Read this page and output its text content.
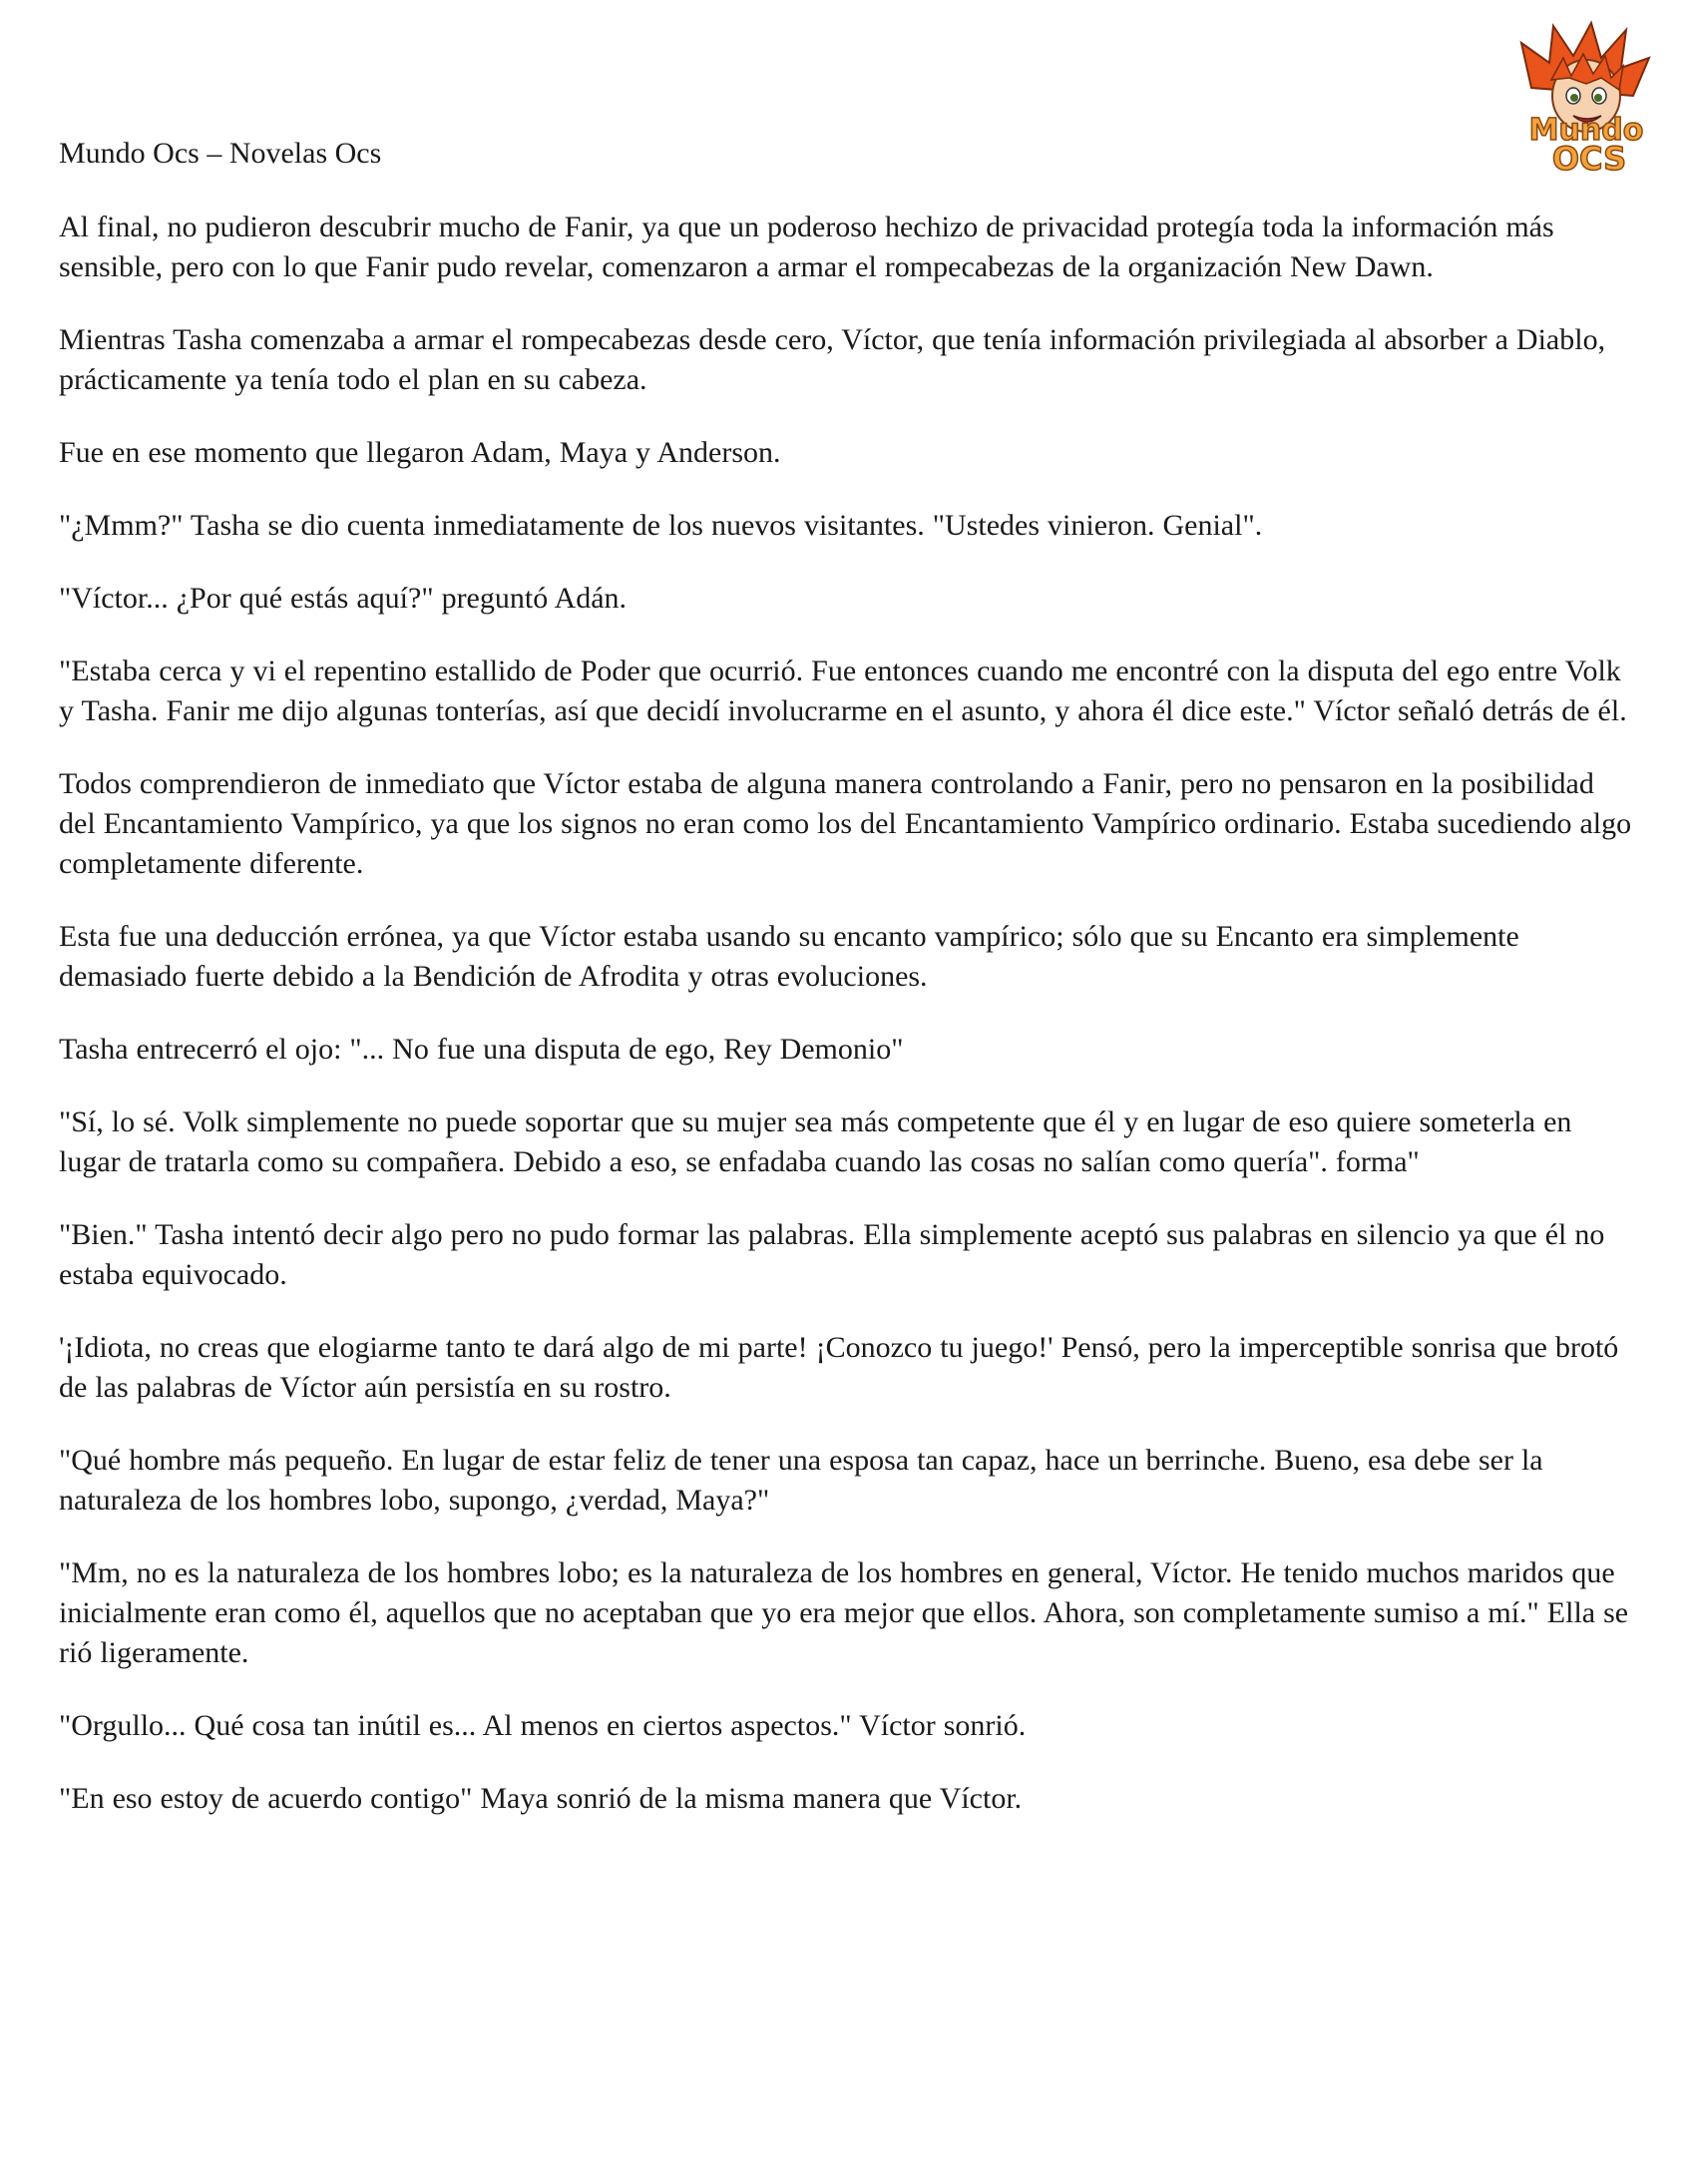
Mundo
OCS

Mundo Ocs – Novelas Ocs

Al final, no pudieron descubrir mucho de Fanir, ya que un poderoso hechizo de privacidad protegía toda la información más sensible, pero con lo que Fanir pudo revelar, comenzaron a armar el rompecabezas de la organización New Dawn.

Mientras Tasha comenzaba a armar el rompecabezas desde cero, Víctor, que tenía información privilegiada al absorber a Diablo, prácticamente ya tenía todo el plan en su cabeza.

Fue en ese momento que llegaron Adam, Maya y Anderson.

"¿Mmm?" Tasha se dio cuenta inmediatamente de los nuevos visitantes. "Ustedes vinieron. Genial".

"Víctor... ¿Por qué estás aquí?" preguntó Adán.

"Estaba cerca y vi el repentino estallido de Poder que ocurrió. Fue entonces cuando me encontré con la disputa del ego entre Volk y Tasha. Fanir me dijo algunas tonterías, así que decidí involucrarme en el asunto, y ahora él dice este." Víctor señaló detrás de él.

Todos comprendieron de inmediato que Víctor estaba de alguna manera controlando a Fanir, pero no pensaron en la posibilidad del Encantamiento Vampírico, ya que los signos no eran como los del Encantamiento Vampírico ordinario. Estaba sucediendo algo completamente diferente.

Esta fue una deducción errónea, ya que Víctor estaba usando su encanto vampírico; sólo que su Encanto era simplemente demasiado fuerte debido a la Bendición de Afrodita y otras evoluciones.

Tasha entrecerró el ojo: "... No fue una disputa de ego, Rey Demonio"

"Sí, lo sé. Volk simplemente no puede soportar que su mujer sea más competente que él y en lugar de eso quiere someterla en lugar de tratarla como su compañera. Debido a eso, se enfadaba cuando las cosas no salían como quería". forma"

"Bien." Tasha intentó decir algo pero no pudo formar las palabras. Ella simplemente aceptó sus palabras en silencio ya que él no estaba equivocado.

'¡Idiota, no creas que elogiarme tanto te dará algo de mi parte! ¡Conozco tu juego!' Pensó, pero la imperceptible sonrisa que brotó de las palabras de Víctor aún persistía en su rostro.

"Qué hombre más pequeño. En lugar de estar feliz de tener una esposa tan capaz, hace un berrinche. Bueno, esa debe ser la naturaleza de los hombres lobo, supongo, ¿verdad, Maya?"

"Mm, no es la naturaleza de los hombres lobo; es la naturaleza de los hombres en general, Víctor. He tenido muchos maridos que inicialmente eran como él, aquellos que no aceptaban que yo era mejor que ellos. Ahora, son completamente sumiso a mí." Ella se rió ligeramente.

"Orgullo... Qué cosa tan inútil es... Al menos en ciertos aspectos." Víctor sonrió.

"En eso estoy de acuerdo contigo" Maya sonrió de la misma manera que Víctor.
